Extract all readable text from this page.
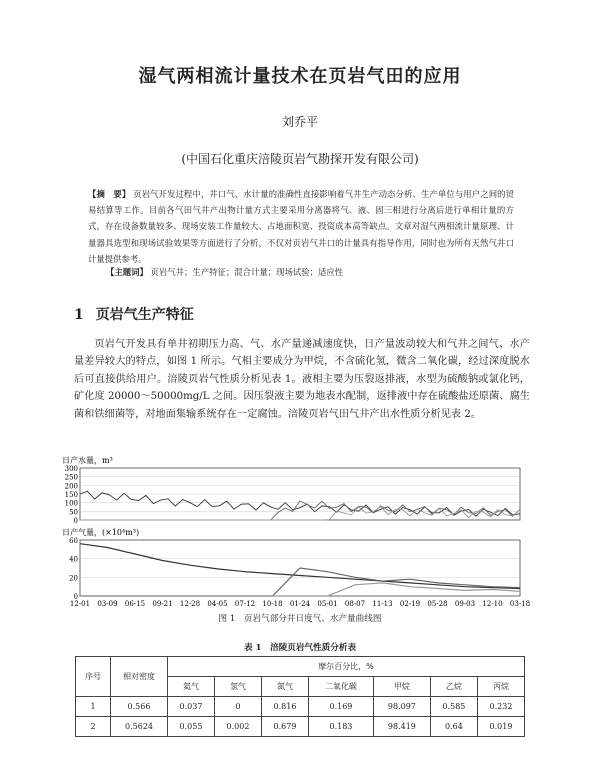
湿气两相流计量技术在页岩气田的应用
刘乔平
(中国石化重庆涪陵页岩气勘探开发有限公司)
【摘　要】 页岩气开发过程中，井口气、水计量的准确性直接影响着气井生产动态分析、生产单位与用户之间的贸易结算等工作。目前各气田气井产出物计量方式主要采用分离器将气、液、固三相进行分离后进行单相计量的方式，存在设备数量较多、现场安装工作量较大、占地面积宽、投资成本高等缺点。文章对湿气两相流计量原理、计量器具选型和现场试验效果等方面进行了分析，不仅对页岩气井口的计量具有指导作用，同时也为所有天然气井口计量提供参考。
【主题词】 页岩气井；生产特征；混合计量；现场试验；适应性
1 页岩气生产特征
页岩气开发具有单井初期压力高、气、水产量递减速度快，日产量波动较大和气井之间气、水产量差异较大的特点，如图 1 所示。气相主要成分为甲烷，不含硫化氢，微含二氧化碳，经过深度脱水后可直接供给用户。涪陵页岩气性质分析见表 1。液相主要为压裂返排液，水型为硫酸钠或氯化钙，矿化度 20000～50000mg/L 之间。因压裂液主要为地表水配制，返排液中存在硫酸盐还原菌、腐生菌和铁细菌等，对地面集输系统存在一定腐蚀。涪陵页岩气田气井产出水性质分析见表 2。
日产水量，m³
300
250
200
150
100
50
0
日产气量，(×10⁴m³)
60
40
20
0
12-01 03-09 06-15 09-21 12-28 04-05 07-12 10-18 01-24 05-01 08-07 11-13 02-19 05-28 09-03 12-10 03-18
图 1　页岩气部分井日度气、水产量曲线图
表 1　涪陵页岩气性质分析表
序号	相对密度	摩尔百分比，%						
		氦气	氢气	氮气	二氧化碳	甲烷	乙烷	丙烷
1	0.566	0.037	0	0.816	0.169	98.097	0.585	0.232
2	0.5624	0.055	0.002	0.679	0.183	98.419	0.64	0.019
